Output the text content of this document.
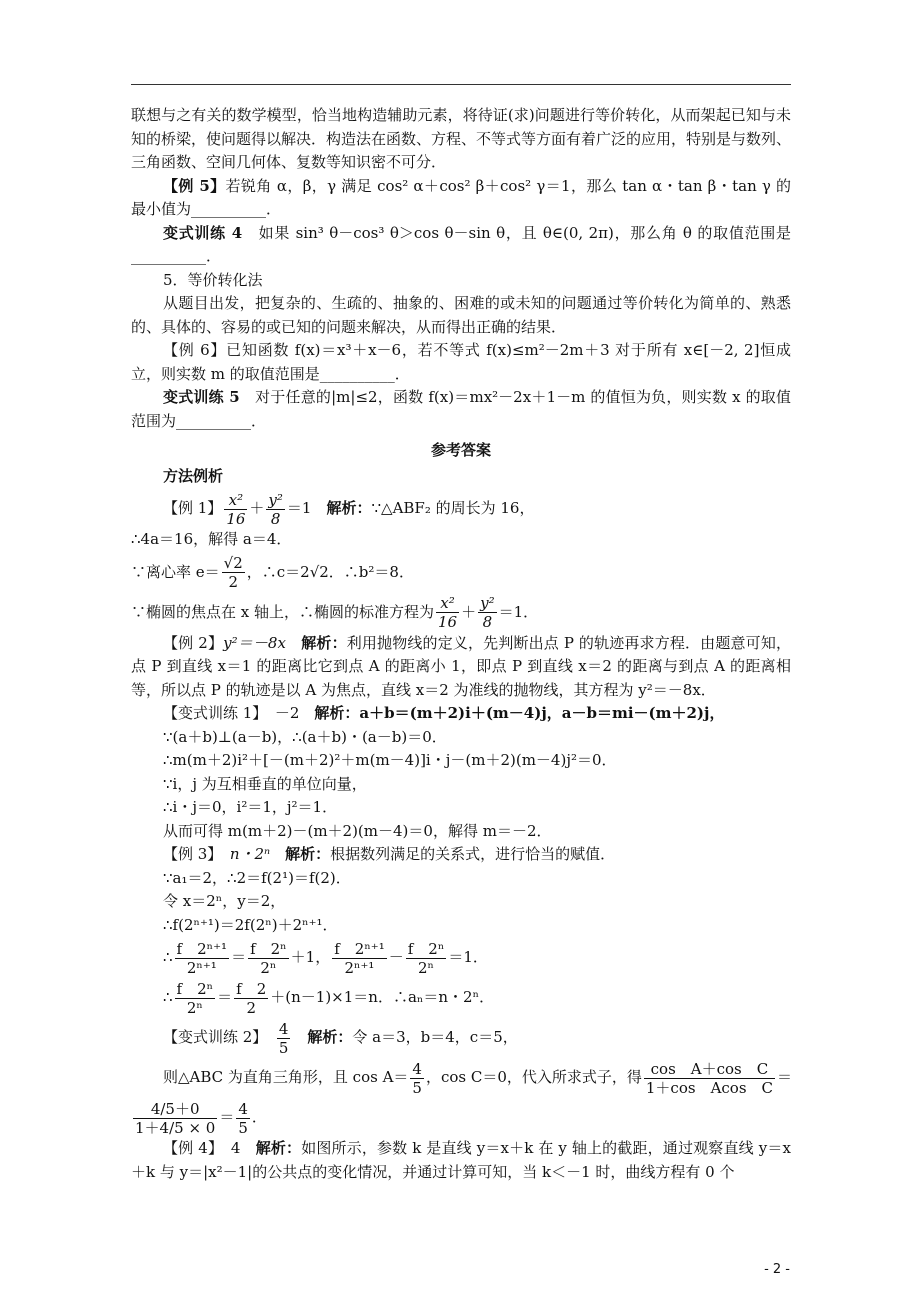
联想与之有关的数学模型，恰当地构造辅助元素，将待证(求)问题进行等价转化，从而架起已知与未知的桥梁，使问题得以解决．构造法在函数、方程、不等式等方面有着广泛的应用，特别是与数列、三角函数、空间几何体、复数等知识密不可分．

【例 5】若锐角 α，β，γ 满足 cos² α＋cos² β＋cos² γ＝1，那么 tan α・tan β・tan γ 的最小值为__________．

变式训练 4　如果 sin³ θ－cos³ θ＞cos θ－sin θ，且 θ∈(0, 2π)，那么角 θ 的取值范围是__________．

5．等价转化法

从题目出发，把复杂的、生疏的、抽象的、困难的或未知的问题通过等价转化为简单的、熟悉的、具体的、容易的或已知的问题来解决，从而得出正确的结果．

【例 6】已知函数 f(x)＝x³＋x－6，若不等式 f(x)≤m²－2m＋3 对于所有 x∈[－2, 2]恒成立，则实数 m 的取值范围是__________．

变式训练 5　对于任意的|m|≤2，函数 f(x)＝mx²－2x＋1－m 的值恒为负，则实数 x 的取值范围为__________．

参考答案

方法例析

【例 1】 $\frac{\text{x²}}{16} + \frac{\text{y²}}{8} =1$　 解析：∵△ABF₂ 的周长为 16，

∴4a＝16，解得 a＝4．

∵离心率 $e= \frac{√2}{2}$ ，∴c＝2√2．∴b²＝8．

∵椭圆的焦点在 x 轴上，∴椭圆的标准方程为 $\frac{\text{x²}}{16} + \frac{\text{y²}}{8} =1$．

【例 2】y²＝－8x　 解析：利用抛物线的定义，先判断出点 P 的轨迹再求方程．由题意可知，点 P 到直线 x＝1 的距离比它到点 A 的距离小 1，即点 P 到直线 x＝2 的距离与到点 A 的距离相等，所以点 P 的轨迹是以 A 为焦点，直线 x＝2 为准线的抛物线，其方程为 y²＝－8x．

【变式训练 1】　 －2　 解析：a＋b＝(m＋2)i＋(m－4)j，a－b＝mi－(m＋2)j，

∵(a＋b)⊥(a－b)，∴(a＋b)・(a－b)＝0．

∴m(m＋2)i²＋[－(m＋2)²＋m(m－4)]i・j－(m＋2)(m－4)j²＝0．

∵i，j 为互相垂直的单位向量，

∴i・j＝0，i²＝1，j²＝1．

从而可得 m(m＋2)－(m＋2)(m－4)＝0，解得 m＝－2．

【例 3】　 n・2ⁿ　 解析：根据数列满足的关系式，进行恰当的赋值．

∵a₁＝2，∴2＝f(2¹)＝f(2)．

令 x＝2ⁿ，y＝2，

∴f(2ⁿ⁺¹)＝2f(2ⁿ)＋2ⁿ⁺¹．

∴ $\frac{\text{f　2ⁿ⁺¹}}{\text{2ⁿ⁺¹}} = \frac{\text{f　2ⁿ}}{\text{2ⁿ}} +1$， $\frac{\text{f　2ⁿ⁺¹}}{\text{2ⁿ⁺¹}} - \frac{\text{f　2ⁿ}}{\text{2ⁿ}} =1$．

∴ $\frac{\text{f　2ⁿ}}{\text{2ⁿ}} = \frac{f 2}{2} +(n-1)\times 1=n$．∴aₙ＝n・2ⁿ．

【变式训练 2】　 $\frac{4}{5}$
　 解析：令 a＝3，b＝4，c＝5，

则△ABC 为直角三角形，且 $\cos A= \frac{4}{5}$ ，cos C＝0，代入所求式子，得 $\frac{\text{cos　A＋cos　C}}{\text{1＋cos　Acos　C}}$ ＝

$\frac{4/5+0}{1+4/5 \times 0} = \frac{4}{5}$ ．

【例 4】　 4　 解析：如图所示，参数 k 是直线 y＝x＋k 在 y 轴上的截距，通过观察直线 y＝x＋k 与 y＝|x²－1|的公共点的变化情况，并通过计算可知，当 k＜－1 时，曲线方程有 0 个

- 2 -
